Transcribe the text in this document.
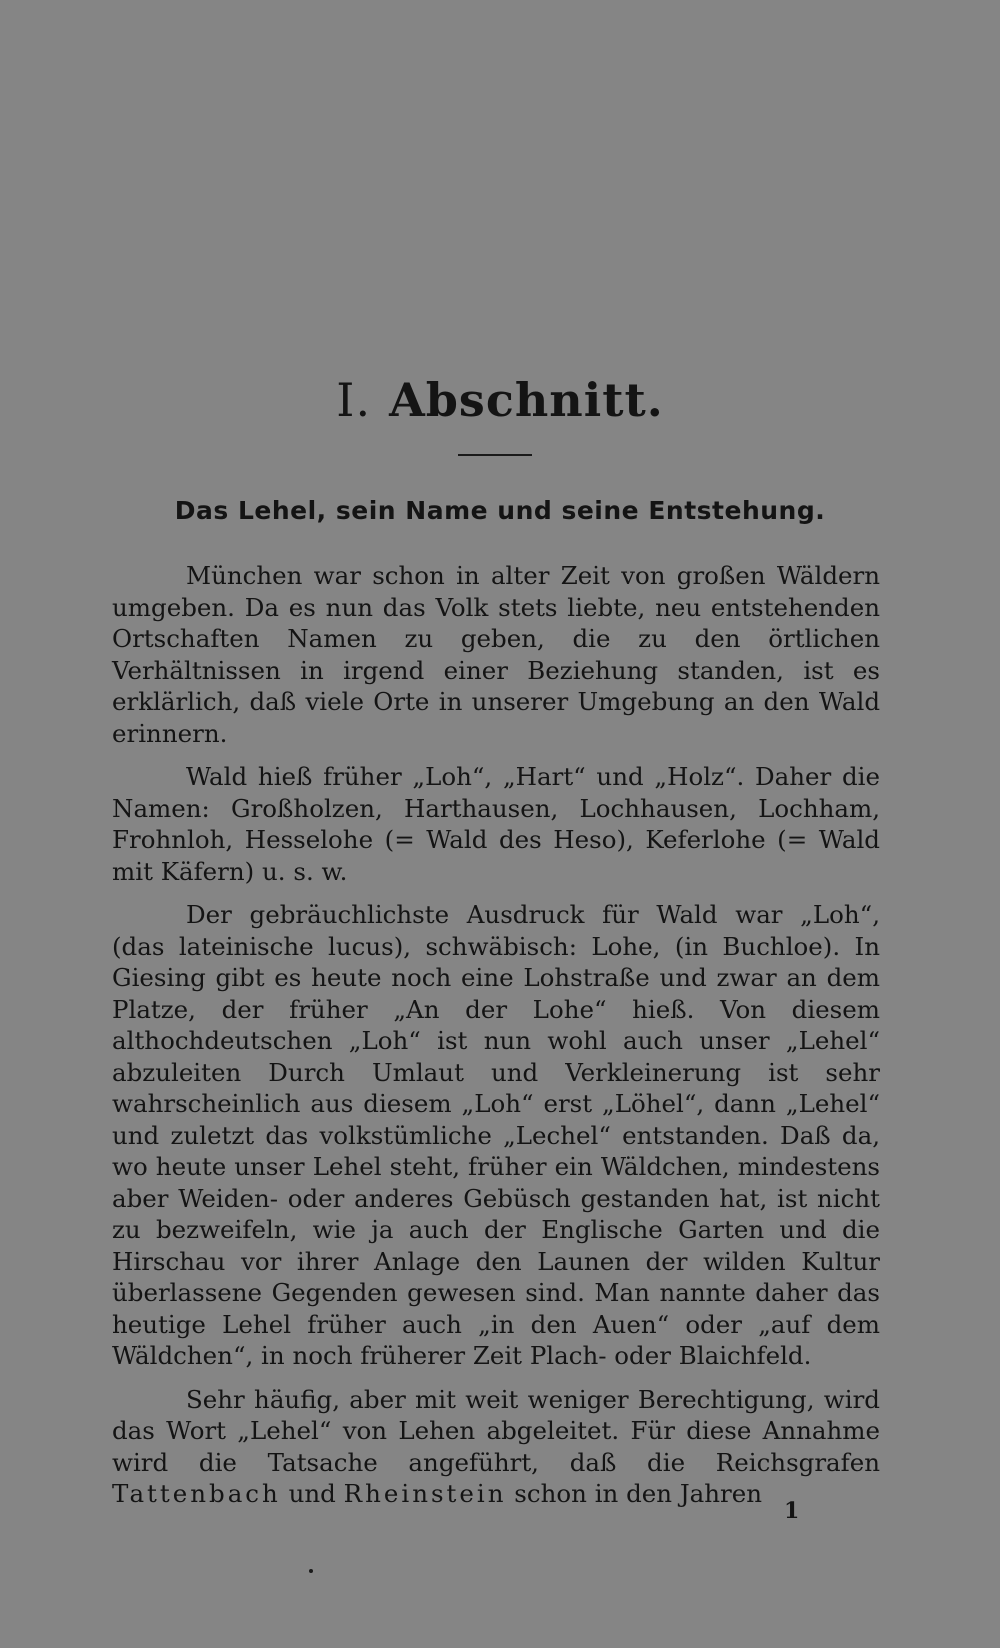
I. Abschnitt.
Das Lehel, sein Name und seine Entstehung.

München war schon in alter Zeit von großen Wäldern umgeben. Da es nun das Volk stets liebte, neu entstehenden Ortschaften Namen zu geben, die zu den örtlichen Verhältnissen in irgend einer Beziehung standen, ist es erklärlich, daß viele Orte in unserer Umgebung an den Wald erinnern.

Wald hieß früher „Loh“, „Hart“ und „Holz“. Daher die Namen: Großholzen, Harthausen, Lochhausen, Lochham, Frohnloh, Hesselohe (= Wald des Heso), Keferlohe (= Wald mit Käfern) u. s. w.

Der gebräuchlichste Ausdruck für Wald war „Loh“, (das lateinische lucus), schwäbisch: Lohe, (in Buchloe). In Giesing gibt es heute noch eine Lohstraße und zwar an dem Platze, der früher „An der Lohe“ hieß. Von diesem althochdeutschen „Loh“ ist nun wohl auch unser „Lehel“ abzuleiten Durch Umlaut und Verkleinerung ist sehr wahrscheinlich aus diesem „Loh“ erst „Löhel“, dann „Lehel“ und zuletzt das volkstümliche „Lechel“ entstanden. Daß da, wo heute unser Lehel steht, früher ein Wäldchen, mindestens aber Weiden- oder anderes Gebüsch gestanden hat, ist nicht zu bezweifeln, wie ja auch der Englische Garten und die Hirschau vor ihrer Anlage den Launen der wilden Kultur überlassene Gegenden gewesen sind. Man nannte daher das heutige Lehel früher auch „in den Auen“ oder „auf dem Wäldchen“, in noch früherer Zeit Plach- oder Blaichfeld.

Sehr häufig, aber mit weit weniger Berechtigung, wird das Wort „Lehel“ von Lehen abgeleitet. Für diese Annahme wird die Tatsache angeführt, daß die Reichsgrafen Tattenbach und Rheinstein schon in den Jahren

1
